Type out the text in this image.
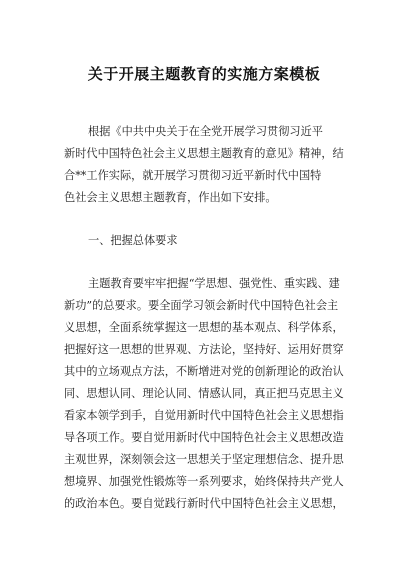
关于开展主题教育的实施方案模板
根据《中共中央关于在全党开展学习贯彻习近平
新时代中国特色社会主义思想主题教育的意见》精神，结
合**工作实际，就开展学习贯彻习近平新时代中国特
色社会主义思想主题教育，作出如下安排。
一、把握总体要求
主题教育要牢牢把握“学思想、强党性、重实践、建
新功”的总要求。要全面学习领会新时代中国特色社会主
义思想，全面系统掌握这一思想的基本观点、科学体系，
把握好这一思想的世界观、方法论，坚持好、运用好贯穿
其中的立场观点方法，不断增进对党的创新理论的政治认
同、思想认同、理论认同、情感认同，真正把马克思主义
看家本领学到手，自觉用新时代中国特色社会主义思想指
导各项工作。要自觉用新时代中国特色社会主义思想改造
主观世界，深刻领会这一思想关于坚定理想信念、提升思
想境界、加强党性锻炼等一系列要求，始终保持共产党人
的政治本色。要自觉践行新时代中国特色社会主义思想，
